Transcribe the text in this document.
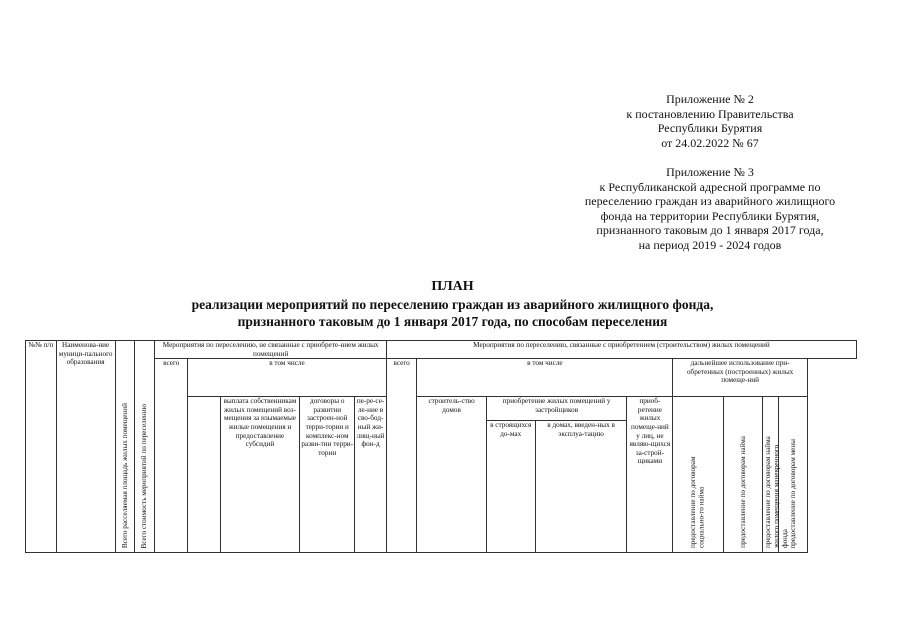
Приложение № 2
к постановлению Правительства
Республики Бурятия
от 24.02.2022 № 67
Приложение № 3
к Республиканской адресной программе по
переселению граждан из аварийного жилищного
фонда на территории Республики Бурятия,
признанного таковым до 1 января 2017 года,
на период 2019 - 2024 годов
ПЛАН
реализации мероприятий по переселению граждан из аварийного жилищного фонда,
признанного таковым до 1 января 2017 года, по способам переселения
№№ п/п	Наименова-ние муници-пального образования	Всего расселяемая площадь жилых помещений	Всего стоимость мероприятий по переселению	Мероприятия по переселению, не связанные с приобрете-нием жилых помещений					Мероприятия по переселению, связанные с приобретением (строительством) жилых помещений								
				всего	в том числе				всего	в том числе				дальнейшее использование при-обретенных (построенных) жилых помеще-ний			
						выплата собственникам жилых помещений воз-мещения за изымаемые жилые помещения и предоставление субсидий	договоры о развитии застроен-ной терри-тории и комплекс-ном разви-тии терри-тории	пе-ре-се-ле-ние в сво-бод-ный жи-лищ-ный фон-д		строитель-ство домов	приобретение жилых помещений у застройщиков		приоб-ретение жилых помеще-ний у лиц, не являю-щихся за-строй-щиками	предоставление по договорам социально-го найма	предоставление по договорам найма	предоставление по договорам найма жилого помещения маневренного фонда	предоставление по договорам мены

											в строящихся до-мах	в домах, введен-ных в эксплуа-тацию					
